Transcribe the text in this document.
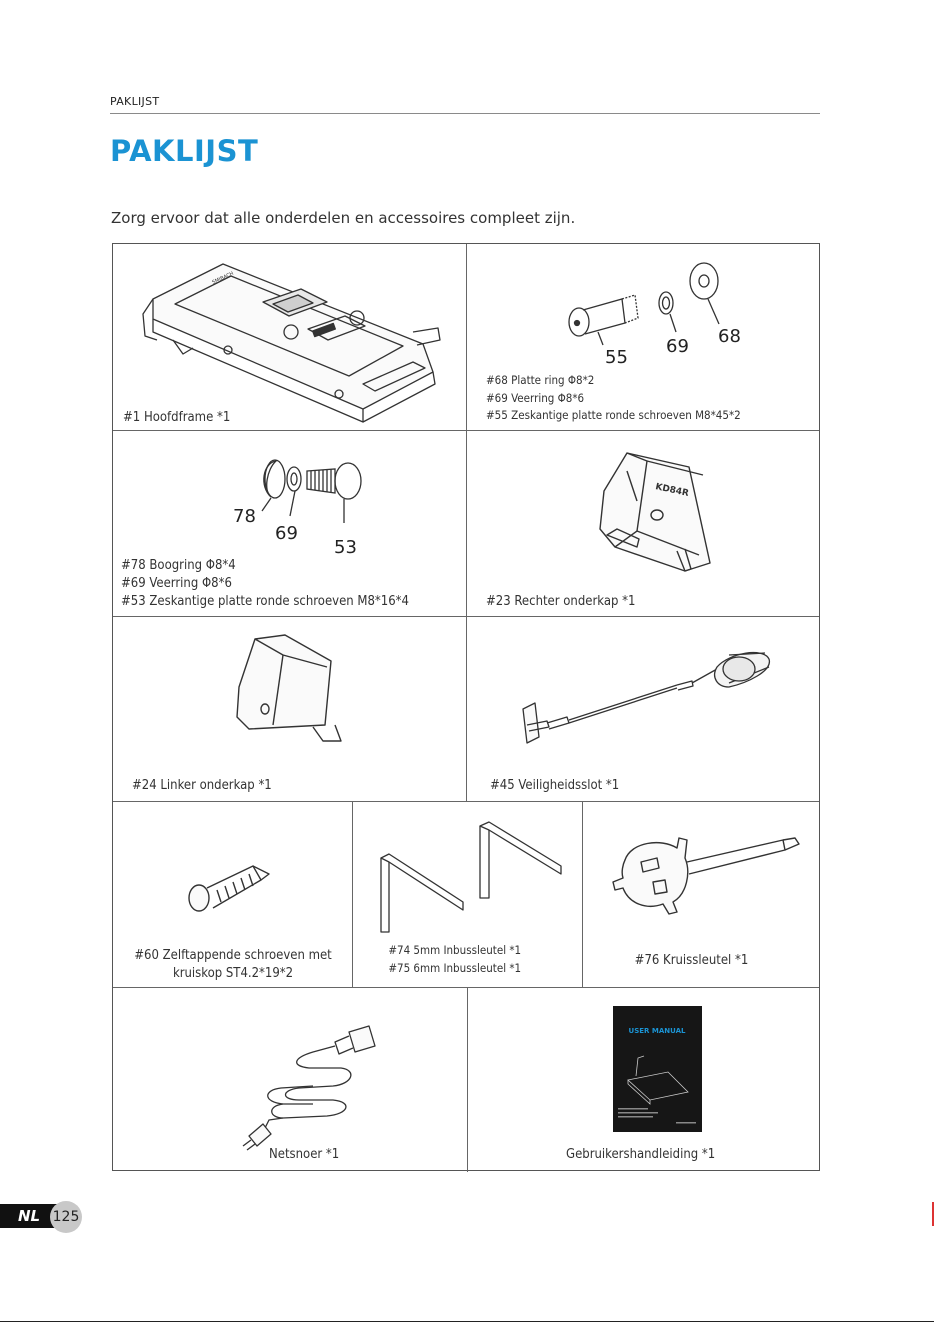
PAKLIJST
PAKLIJST
Zorg ervoor dat alle onderdelen en accessoires compleet zijn.
SMIBACH
#1 Hoofdframe *1
55
69 68
#68 Platte ring Φ8*2
#69 Veerring Φ8*6
#55 Zeskantige platte ronde schroeven M8*45*2
78
69
53
#78 Boogring Φ8*4
#69 Veerring Φ8*6
#53 Zeskantige platte ronde schroeven M8*16*4
KD84R
#23 Rechter onderkap *1
#24 Linker onderkap *1	#45 Veiligheidsslot *1
#60 Zelftappende schroeven met
kruiskop ST4.2*19*2
#74 5mm Inbussleutel *1
#75 6mm Inbussleutel *1	#76 Kruissleutel *1
Netsnoer *1
USER MANUAL
Gebruikershandleiding *1
NL 125
